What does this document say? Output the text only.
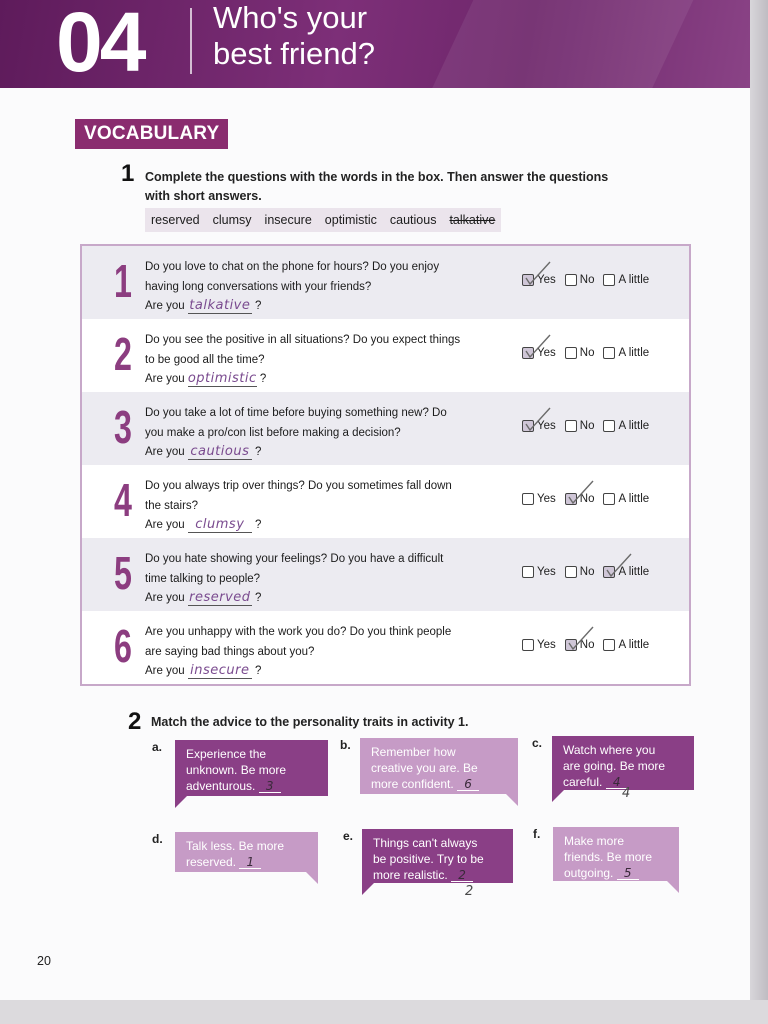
04 Who's your
best friend?
VOCABULARY
1 Complete the questions with the words in the box. Then answer the questions
with short answers.
reserved clumsy insecure optimistic cautious talkative
1 Do you love to chat on the phone for hours? Do you enjoy
having long conversations with your friends?
Are you talkative ?
Yes No A little
2 Do you see the positive in all situations? Do you expect things
to be good all the time?
Are you optimistic ?
Yes No A little
3 Do you take a lot of time before buying something new? Do
you make a pro/con list before making a decision?
Are you cautious ?
Yes No A little
4 Do you always trip over things? Do you sometimes fall down
the stairs?
Are you clumsy ?
Yes No A little
5 Do you hate showing your feelings? Do you have a difficult
time talking to people?
Are you reserved ?
Yes No A little
6 Are you unhappy with the work you do? Do you think people
are saying bad things about you?
Are you insecure ?
Yes No A little
2 Match the advice to the personality traits in activity 1.
a. Experience the
unknown. Be more
adventurous. 3
b. Remember how
creative you are. Be
more confident. 6
c. Watch where you
are going. Be more
careful. 4
4
d. Talk less. Be more
reserved. 1
e. Things can't always
be positive. Try to be
more realistic. 2
2
f. Make more
friends. Be more
outgoing. 5
20
